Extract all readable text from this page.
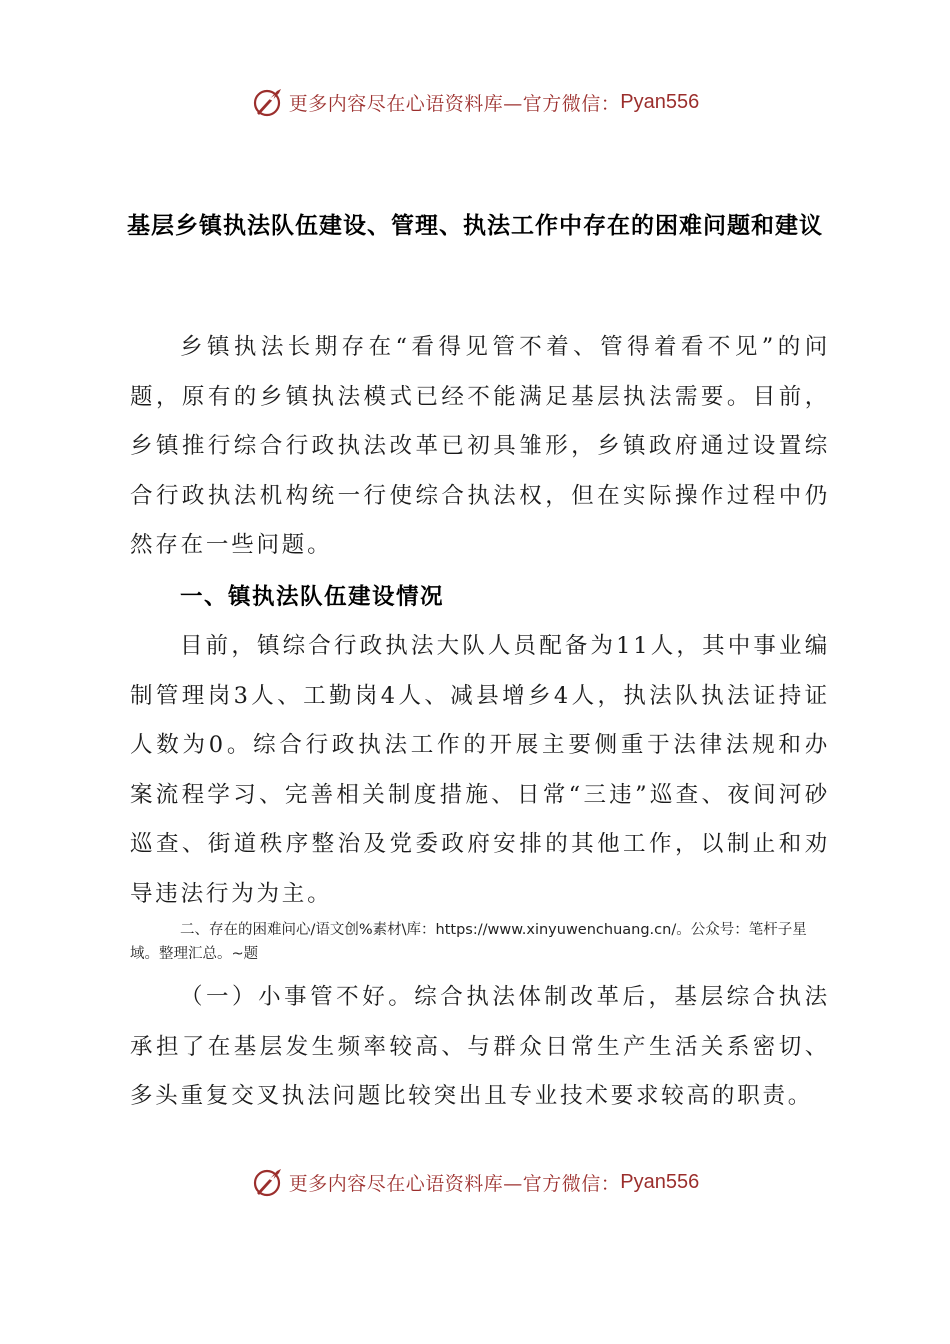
更多内容尽在心语资料库—官方微信： Pyan556
基层乡镇执法队伍建设、管理、执法工作中存在的困难问题和建议

乡镇执法长期存在“看得见管不着、管得着看不见”的问题，原有的乡镇执法模式已经不能满足基层执法需要。目前，乡镇推行综合行政执法改革已初具雏形，乡镇政府通过设置综合行政执法机构统一行使综合执法权，但在实际操作过程中仍然存在一些问题。

一、镇执法队伍建设情况

目前，镇综合行政执法大队人员配备为11人，其中事业编制管理岗3人、工勤岗4人、减县增乡4人，执法队执法证持证人数为0。综合行政执法工作的开展主要侧重于法律法规和办案流程学习、完善相关制度措施、日常“三违”巡查、夜间河砂巡查、街道秩序整治及党委政府安排的其他工作，以制止和劝导违法行为为主。

二、存在的困难问心/语文创%素材\库：https://www.xinyuwenchuang.cn/。公众号：笔杆子星域。整理汇总。~题

（一）小事管不好。综合执法体制改革后，基层综合执法承担了在基层发生频率较高、与群众日常生产生活关系密切、多头重复交叉执法问题比较突出且专业技术要求较高的职责。

更多内容尽在心语资料库—官方微信： Pyan556
